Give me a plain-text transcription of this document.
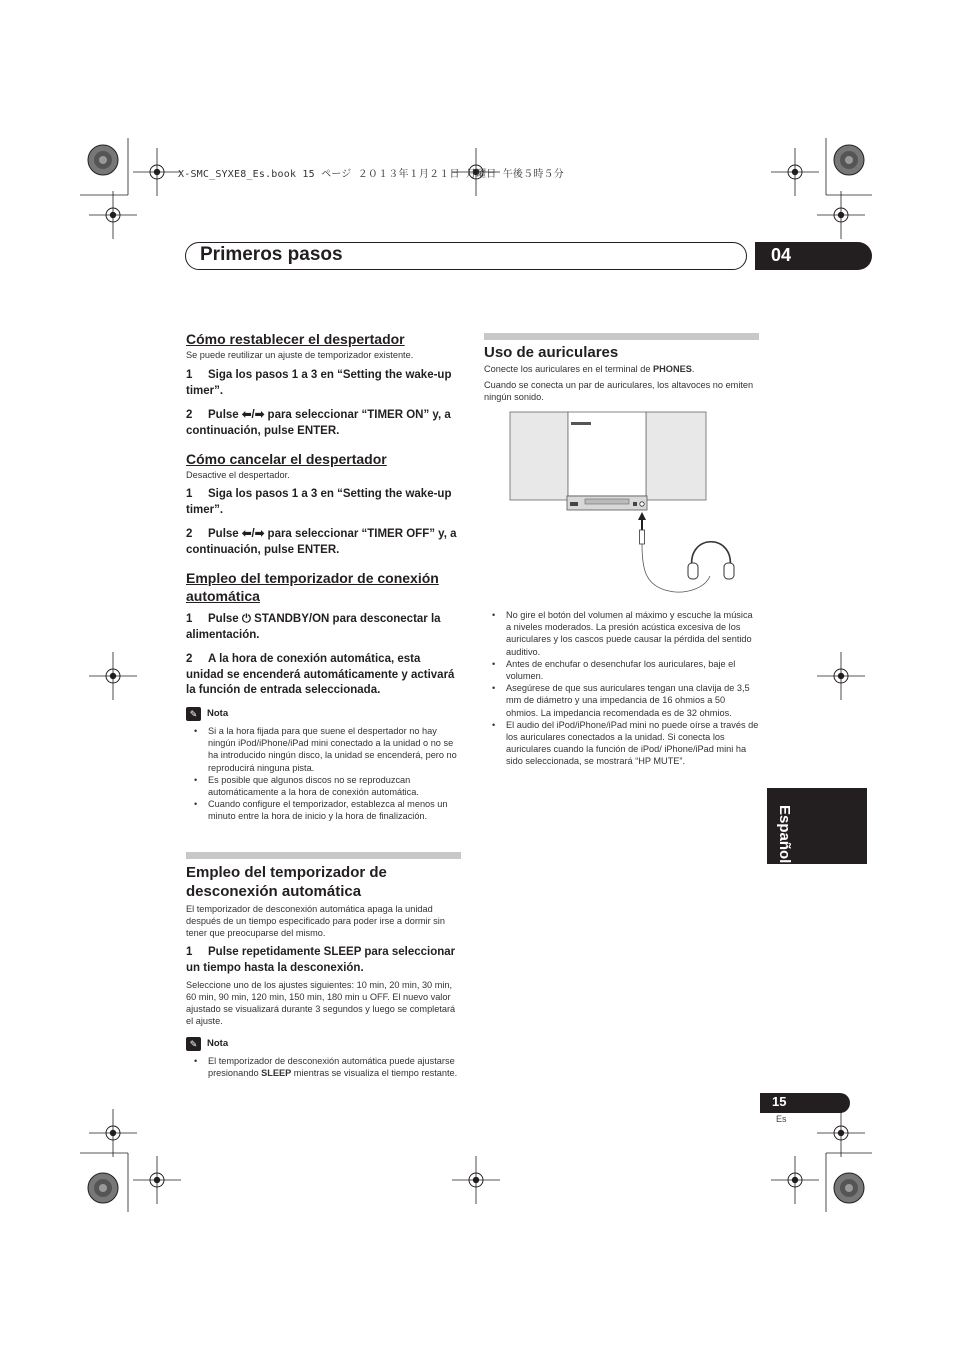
X-SMC_SYXE8_Es.book 15 ページ ２０１３年１月２１日 月曜日 午後５時５分
Primeros pasos	04
Cómo restablecer el despertador
Se puede reutilizar un ajuste de temporizador existente.
1 Siga los pasos 1 a 3 en “Setting the wake-up timer”.
2 Pulse ⬅/➡ para seleccionar “TIMER ON” y, a continuación, pulse ENTER.
Cómo cancelar el despertador
Desactive el despertador.
1 Siga los pasos 1 a 3 en “Setting the wake-up timer”.
2 Pulse ⬅/➡ para seleccionar “TIMER OFF” y, a continuación, pulse ENTER.
Empleo del temporizador de conexión automática
1 Pulse ⏻ STANDBY/ON para desconectar la alimentación.
2 A la hora de conexión automática, esta unidad se encenderá automáticamente y activará la función de entrada seleccionada.
✎	Nota
• Si a la hora fijada para que suene el despertador no hay ningún iPod/iPhone/iPad mini conectado a la unidad o no se ha introducido ningún disco, la unidad se encenderá, pero no reproducirá ninguna pista.
• Es posible que algunos discos no se reproduzcan automáticamente a la hora de conexión automática.
• Cuando configure el temporizador, establezca al menos un minuto entre la hora de inicio y la hora de finalización.
Empleo del temporizador de desconexión automática
El temporizador de desconexión automática apaga la unidad después de un tiempo especificado para poder irse a dormir sin tener que preocuparse del mismo.
1 Pulse repetidamente SLEEP para seleccionar un tiempo hasta la desconexión.
Seleccione uno de los ajustes siguientes: 10 min, 20 min, 30 min, 60 min, 90 min, 120 min, 150 min, 180 min u OFF. El nuevo valor ajustado se visualizará durante 3 segundos y luego se completará el ajuste.
✎	Nota
• El temporizador de desconexión automática puede ajustarse presionando SLEEP mientras se visualiza el tiempo restante.
Uso de auriculares
Conecte los auriculares en el terminal de PHONES.
Cuando se conecta un par de auriculares, los altavoces no emiten ningún sonido.
• No gire el botón del volumen al máximo y escuche la música a niveles moderados. La presión acústica excesiva de los auriculares y los cascos puede causar la pérdida del sentido auditivo.
• Antes de enchufar o desenchufar los auriculares, baje el volumen.
• Asegúrese de que sus auriculares tengan una clavija de 3,5 mm de diámetro y una impedancia de 16 ohmios a 50 ohmios. La impedancia recomendada es de 32 ohmios.
• El audio del iPod/iPhone/iPad mini no puede oírse a través de los auriculares conectados a la unidad. Si conecta los auriculares cuando la función de iPod/ iPhone/iPad mini ha sido seleccionada, se mostrará “HP MUTE”.
Español
15
Es
